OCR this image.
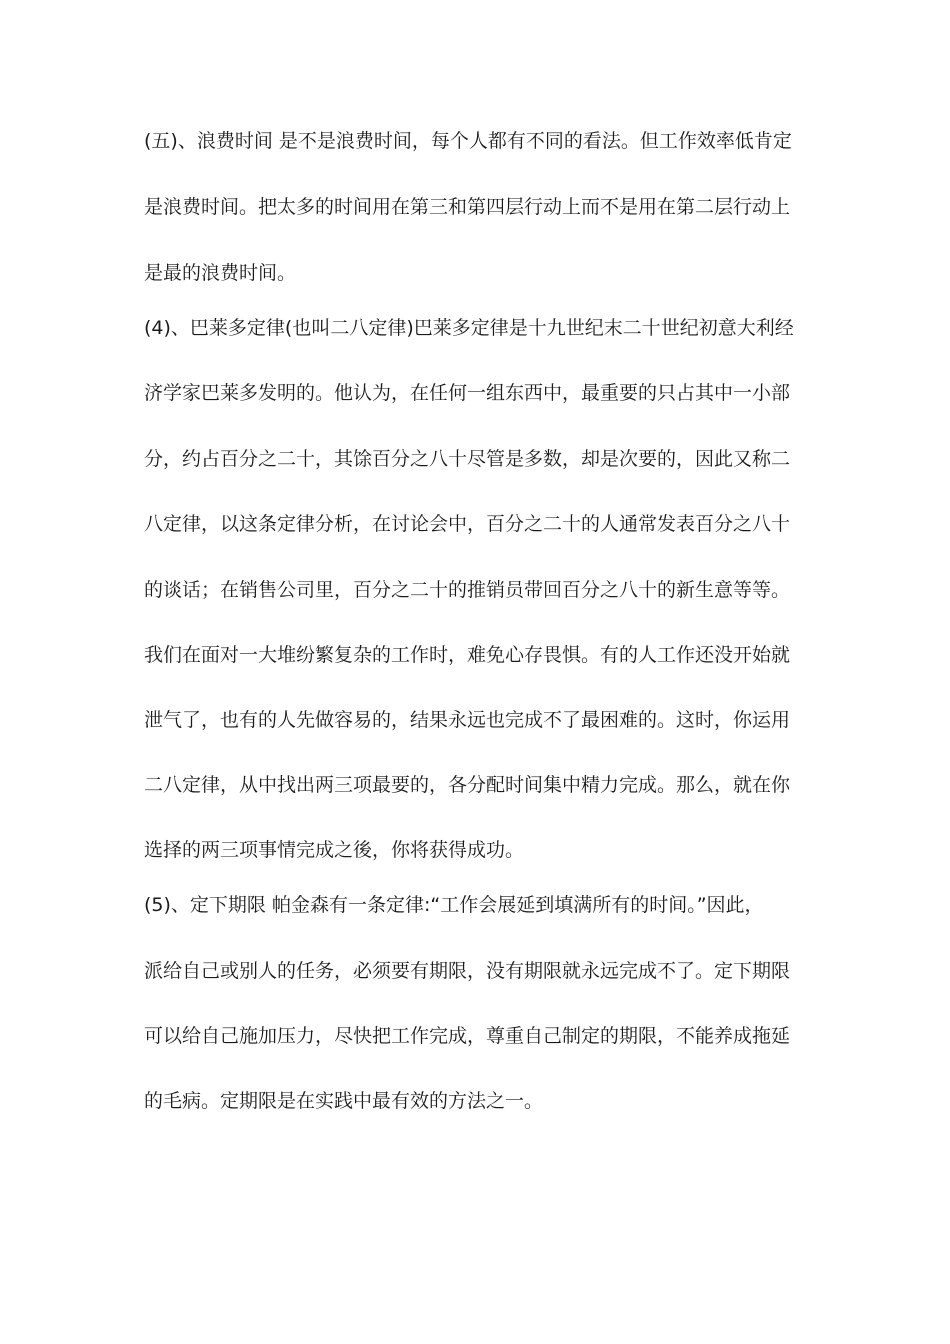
(五)、浪费时间 是不是浪费时间，每个人都有不同的看法。但工作效率低肯定
是浪费时间。把太多的时间用在第三和第四层行动上而不是用在第二层行动上
是最的浪费时间。
(4)、巴莱多定律(也叫二八定律)巴莱多定律是十九世纪末二十世纪初意大利经
济学家巴莱多发明的。他认为，在任何一组东西中，最重要的只占其中一小部
分，约占百分之二十，其馀百分之八十尽管是多数，却是次要的，因此又称二
八定律，以这条定律分析，在讨论会中，百分之二十的人通常发表百分之八十
的谈话；在销售公司里，百分之二十的推销员带回百分之八十的新生意等等。
我们在面对一大堆纷繁复杂的工作时，难免心存畏惧。有的人工作还没开始就
泄气了，也有的人先做容易的，结果永远也完成不了最困难的。这时，你运用
二八定律，从中找出两三项最要的，各分配时间集中精力完成。那么，就在你
选择的两三项事情完成之後，你将获得成功。
(5)、定下期限 帕金森有一条定律:“工作会展延到填满所有的时间。”因此，
派给自己或别人的任务，必须要有期限，没有期限就永远完成不了。定下期限
可以给自己施加压力，尽快把工作完成，尊重自己制定的期限，不能养成拖延
的毛病。定期限是在实践中最有效的方法之一。
